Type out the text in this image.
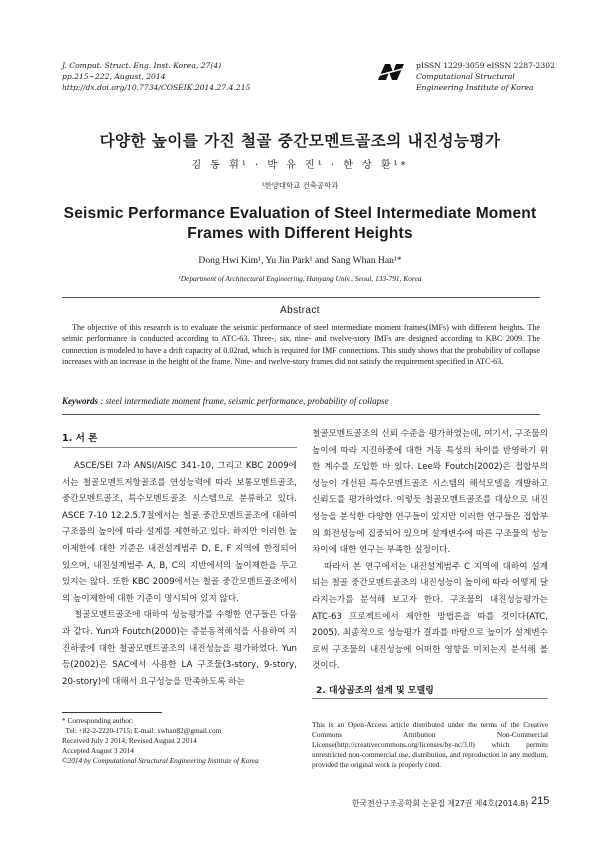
J. Comput. Struct. Eng. Inst. Korea, 27(4)
pp.215~222, August, 2014
http://dx.doi.org/10.7734/COSEIK.2014.27.4.215
pISSN 1229-3059 eISSN 2287-2302
Computational Structural
Engineering Institute of Korea
다양한 높이를 가진 철골 중간모멘트골조의 내진성능평가
김 동 휘¹ · 박 유 진¹ · 한 상 환¹*
¹한양대학교 건축공학과
Seismic Performance Evaluation of Steel Intermediate Moment Frames with Different Heights
Dong Hwi Kim¹, Yu Jin Park¹ and Sang Whan Han¹*
¹Department of Architectural Engineering, Hanyang Univ., Seoul, 133-791, Korea
Abstract
The objective of this research is to evaluate the seismic performance of steel intermediate moment frames(IMFs) with different heights. The seimic performance is conducted according to ATC-63. Three-, six, nine- and twelve-story IMFs are designed according to KBC 2009. The connection is modeled to have a drift capacity of 0.02rad, which is required for IMF connections. This study shows that the probability of collapse increases with an increase in the height of the frame. Nine- and twelve-story frames did not satisfy the requirement specified in ATC-63.
Keywords : steel intermediate moment frame, seismic performance, probability of collapse
1. 서 론

ASCE/SEI 7과 ANSI/AISC 341-10, 그리고 KBC 2009에서는 철골모멘트저항골조를 연성능력에 따라 보통모멘트골조, 중간모멘트골조, 특수모멘트골조 시스템으로 분류하고 있다. ASCE 7-10 12.2.5.7절에서는 철골 중간모멘트골조에 대하여 구조물의 높이에 따라 설계를 제한하고 있다. 하지만 이러한 높이제한에 대한 기준은 내진설계범주 D, E, F 지역에 한정되어 있으며, 내진설계범주 A, B, C의 지반에서의 높이제한을 두고 있지는 않다. 또한 KBC 2009에서는 철골 중간모멘트골조에서의 높이제한에 대한 기준이 명시되어 있지 않다.

철골모멘트골조에 대하여 성능평가를 수행한 연구들은 다음과 같다. Yun과 Foutch(2000)는 증분동적해석을 사용하여 지진하중에 대한 철골모멘트골조의 내진성능을 평가하였다. Yun 등(2002)은 SAC에서 사용한 LA 구조물(3-story, 9-story, 20-story)에 대해서 요구성능을 만족하도록 하는

철골모멘트골조의 신뢰 수준을 평가하였는데, 여기서, 구조물의 높이에 따라 지진하중에 대한 거동 특성의 차이를 반영하기 위한 계수를 도입한 바 있다. Lee와 Foutch(2002)은 접합부의 성능이 개선된 특수모멘트골조 시스템의 해석모델을 개발하고 신뢰도를 평가하였다. 이렇듯 철골모멘트골조를 대상으로 내진성능을 분석한 다양한 연구들이 있지만 이러한 연구들은 접합부의 회전성능에 집중되어 있으며 설계변수에 따른 구조물의 성능차이에 대한 연구는 부족한 실정이다.

따라서 본 연구에서는 내진설계범주 C 지역에 대하여 설계되는 철골 중간모멘트골조의 내진성능이 높이에 따라 어떻게 달라지는가를 분석해 보고자 한다. 구조물의 내진성능평가는 ATC-63 프로젝트에서 제안한 방법론을 따를 것이다(ATC, 2005). 최종적으로 성능평가 결과를 바탕으로 높이가 설계변수로써 구조물의 내진성능에 어떠한 영향을 미치는지 분석해 볼 것이다.

2. 대상골조의 설계 및 모델링
* Corresponding author:
Tel: +82-2-2220-1715; E-mail: swhan82@gmail.com
Received July 2 2014; Revised August 2 2014
Accepted August 3 2014
©2014 by Computational Structural Engineering Institute of Korea
This is an Open-Access article distributed under the terms of the Creative Commons Attribution Non-Commercial License(http://creativecommons.org/licenses/by-nc/3.0) which permits unrestricted non-commercial use, distribution, and reproduction in any medium, provided the original work is properly cited.
한국전산구조공학회 논문집 제27권 제4호(2014.8) 215
